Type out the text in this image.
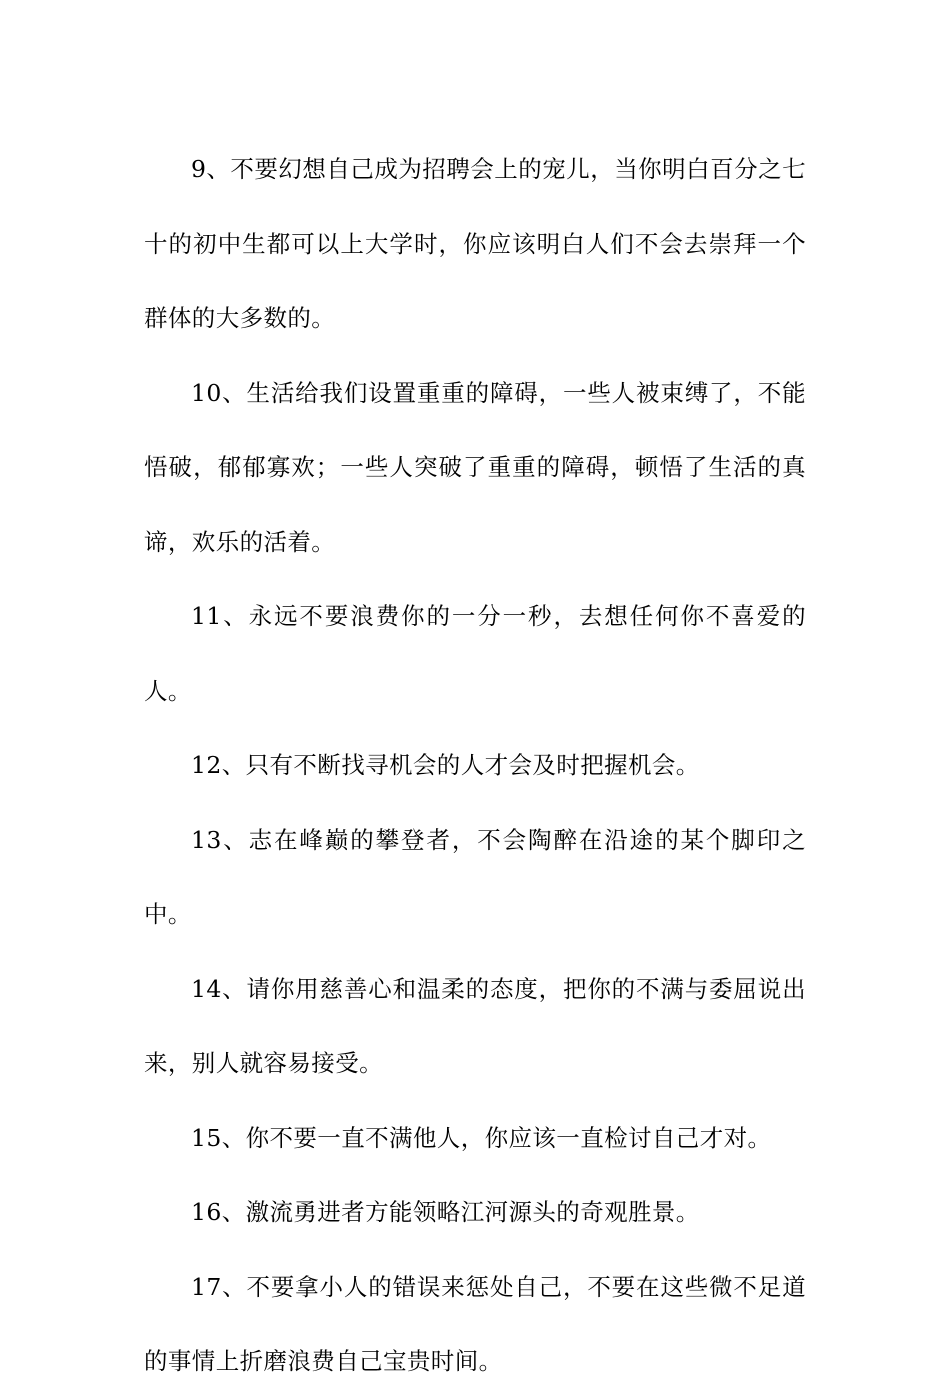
9、不要幻想自己成为招聘会上的宠儿，当你明白百分之七十的初中生都可以上大学时，你应该明白人们不会去崇拜一个群体的大多数的。

10、生活给我们设置重重的障碍，一些人被束缚了，不能悟破，郁郁寡欢；一些人突破了重重的障碍，顿悟了生活的真谛，欢乐的活着。

11、永远不要浪费你的一分一秒，去想任何你不喜爱的人。

12、只有不断找寻机会的人才会及时把握机会。

13、志在峰巅的攀登者，不会陶醉在沿途的某个脚印之中。

14、请你用慈善心和温柔的态度，把你的不满与委屈说出来，别人就容易接受。

15、你不要一直不满他人，你应该一直检讨自己才对。

16、激流勇进者方能领略江河源头的奇观胜景。

17、不要拿小人的错误来惩处自己，不要在这些微不足道的事情上折磨浪费自己宝贵时间。
